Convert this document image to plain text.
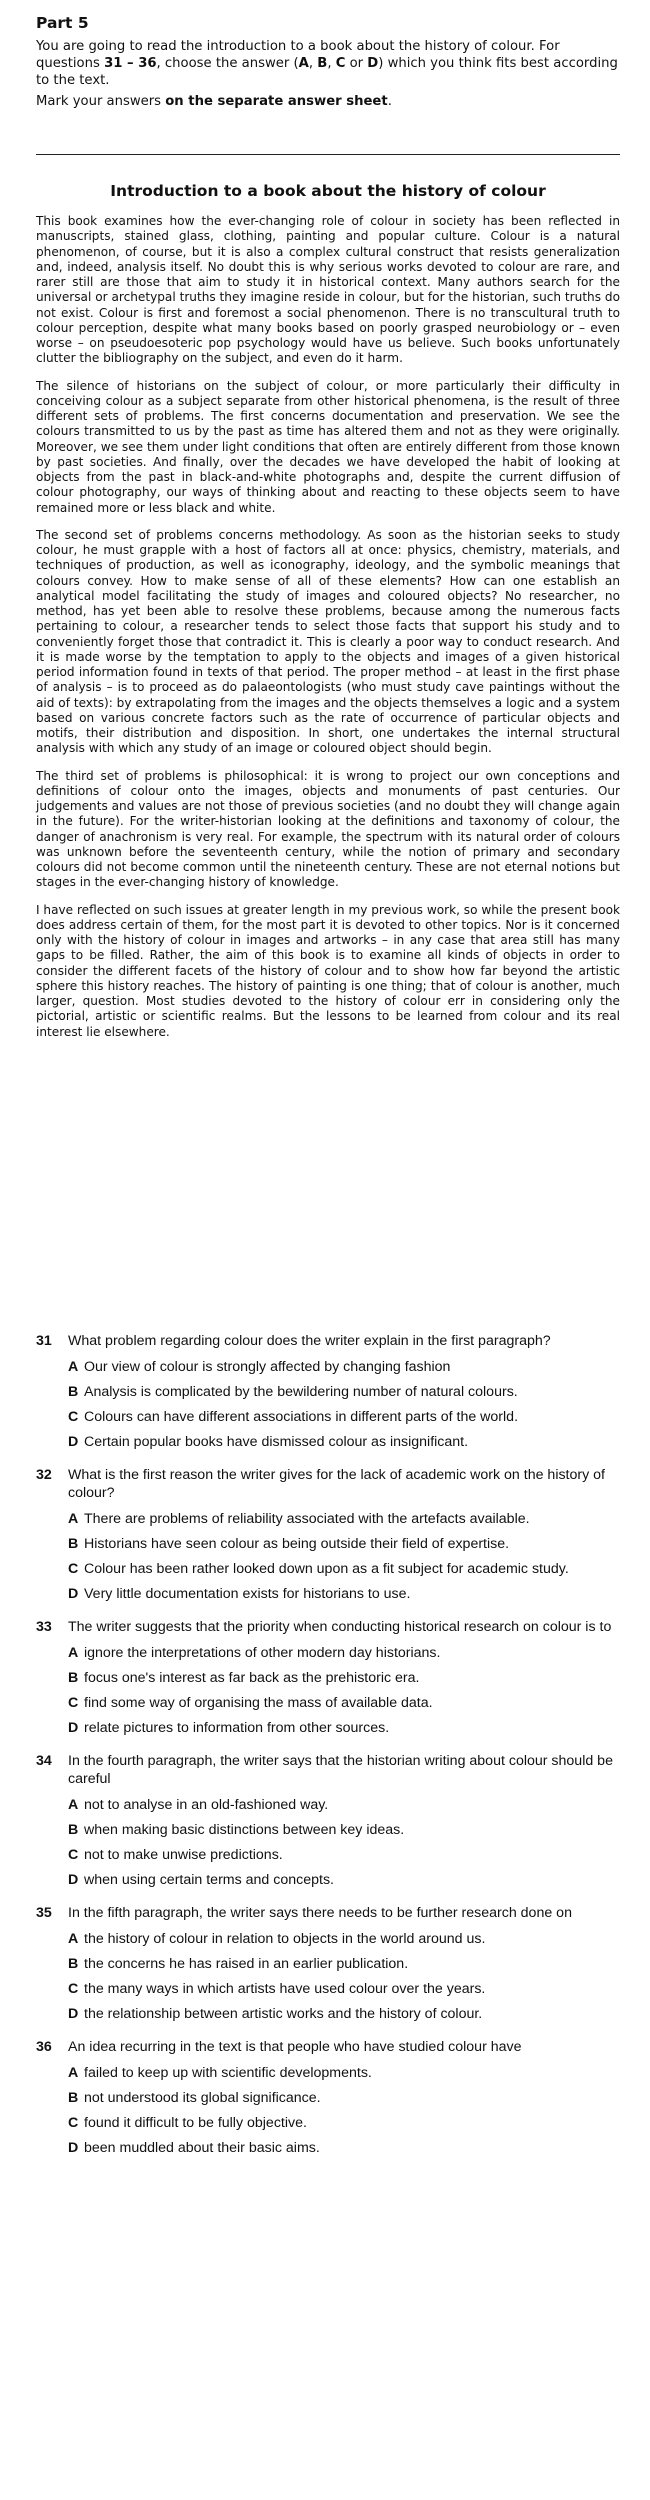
Part 5

You are going to read the introduction to a book about the history of colour. For questions 31 – 36, choose the answer (A, B, C or D) which you think fits best according to the text.

Mark your answers on the separate answer sheet.

Introduction to a book about the history of colour

This book examines how the ever-changing role of colour in society has been reflected in manuscripts, stained glass, clothing, painting and popular culture. Colour is a natural phenomenon, of course, but it is also a complex cultural construct that resists generalization and, indeed, analysis itself. No doubt this is why serious works devoted to colour are rare, and rarer still are those that aim to study it in historical context. Many authors search for the universal or archetypal truths they imagine reside in colour, but for the historian, such truths do not exist. Colour is first and foremost a social phenomenon. There is no transcultural truth to colour perception, despite what many books based on poorly grasped neurobiology or – even worse – on pseudoesoteric pop psychology would have us believe. Such books unfortunately clutter the bibliography on the subject, and even do it harm.

The silence of historians on the subject of colour, or more particularly their difficulty in conceiving colour as a subject separate from other historical phenomena, is the result of three different sets of problems. The first concerns documentation and preservation. We see the colours transmitted to us by the past as time has altered them and not as they were originally. Moreover, we see them under light conditions that often are entirely different from those known by past societies. And finally, over the decades we have developed the habit of looking at objects from the past in black-and-white photographs and, despite the current diffusion of colour photography, our ways of thinking about and reacting to these objects seem to have remained more or less black and white.

The second set of problems concerns methodology. As soon as the historian seeks to study colour, he must grapple with a host of factors all at once: physics, chemistry, materials, and techniques of production, as well as iconography, ideology, and the symbolic meanings that colours convey. How to make sense of all of these elements? How can one establish an analytical model facilitating the study of images and coloured objects? No researcher, no method, has yet been able to resolve these problems, because among the numerous facts pertaining to colour, a researcher tends to select those facts that support his study and to conveniently forget those that contradict it. This is clearly a poor way to conduct research. And it is made worse by the temptation to apply to the objects and images of a given historical period information found in texts of that period. The proper method – at least in the first phase of analysis – is to proceed as do palaeontologists (who must study cave paintings without the aid of texts): by extrapolating from the images and the objects themselves a logic and a system based on various concrete factors such as the rate of occurrence of particular objects and motifs, their distribution and disposition. In short, one undertakes the internal structural analysis with which any study of an image or coloured object should begin.

The third set of problems is philosophical: it is wrong to project our own conceptions and definitions of colour onto the images, objects and monuments of past centuries. Our judgements and values are not those of previous societies (and no doubt they will change again in the future). For the writer-historian looking at the definitions and taxonomy of colour, the danger of anachronism is very real. For example, the spectrum with its natural order of colours was unknown before the seventeenth century, while the notion of primary and secondary colours did not become common until the nineteenth century. These are not eternal notions but stages in the ever-changing history of knowledge.

I have reflected on such issues at greater length in my previous work, so while the present book does address certain of them, for the most part it is devoted to other topics. Nor is it concerned only with the history of colour in images and artworks – in any case that area still has many gaps to be filled. Rather, the aim of this book is to examine all kinds of objects in order to consider the different facets of the history of colour and to show how far beyond the artistic sphere this history reaches. The history of painting is one thing; that of colour is another, much larger, question. Most studies devoted to the history of colour err in considering only the pictorial, artistic or scientific realms. But the lessons to be learned from colour and its real interest lie elsewhere.

31 What problem regarding colour does the writer explain in the first paragraph?
A Our view of colour is strongly affected by changing fashion
B Analysis is complicated by the bewildering number of natural colours.
C Colours can have different associations in different parts of the world.
D Certain popular books have dismissed colour as insignificant.
32 What is the first reason the writer gives for the lack of academic work on the history of colour?
A There are problems of reliability associated with the artefacts available.
B Historians have seen colour as being outside their field of expertise.
C Colour has been rather looked down upon as a fit subject for academic study.
D Very little documentation exists for historians to use.
33 The writer suggests that the priority when conducting historical research on colour is to
A ignore the interpretations of other modern day historians.
B focus one's interest as far back as the prehistoric era.
C find some way of organising the mass of available data.
D relate pictures to information from other sources.
34 In the fourth paragraph, the writer says that the historian writing about colour should be careful
A not to analyse in an old-fashioned way.
B when making basic distinctions between key ideas.
C not to make unwise predictions.
D when using certain terms and concepts.
35 In the fifth paragraph, the writer says there needs to be further research done on
A the history of colour in relation to objects in the world around us.
B the concerns he has raised in an earlier publication.
C the many ways in which artists have used colour over the years.
D the relationship between artistic works and the history of colour.
36 An idea recurring in the text is that people who have studied colour have
A failed to keep up with scientific developments.
B not understood its global significance.
C found it difficult to be fully objective.
D been muddled about their basic aims.
